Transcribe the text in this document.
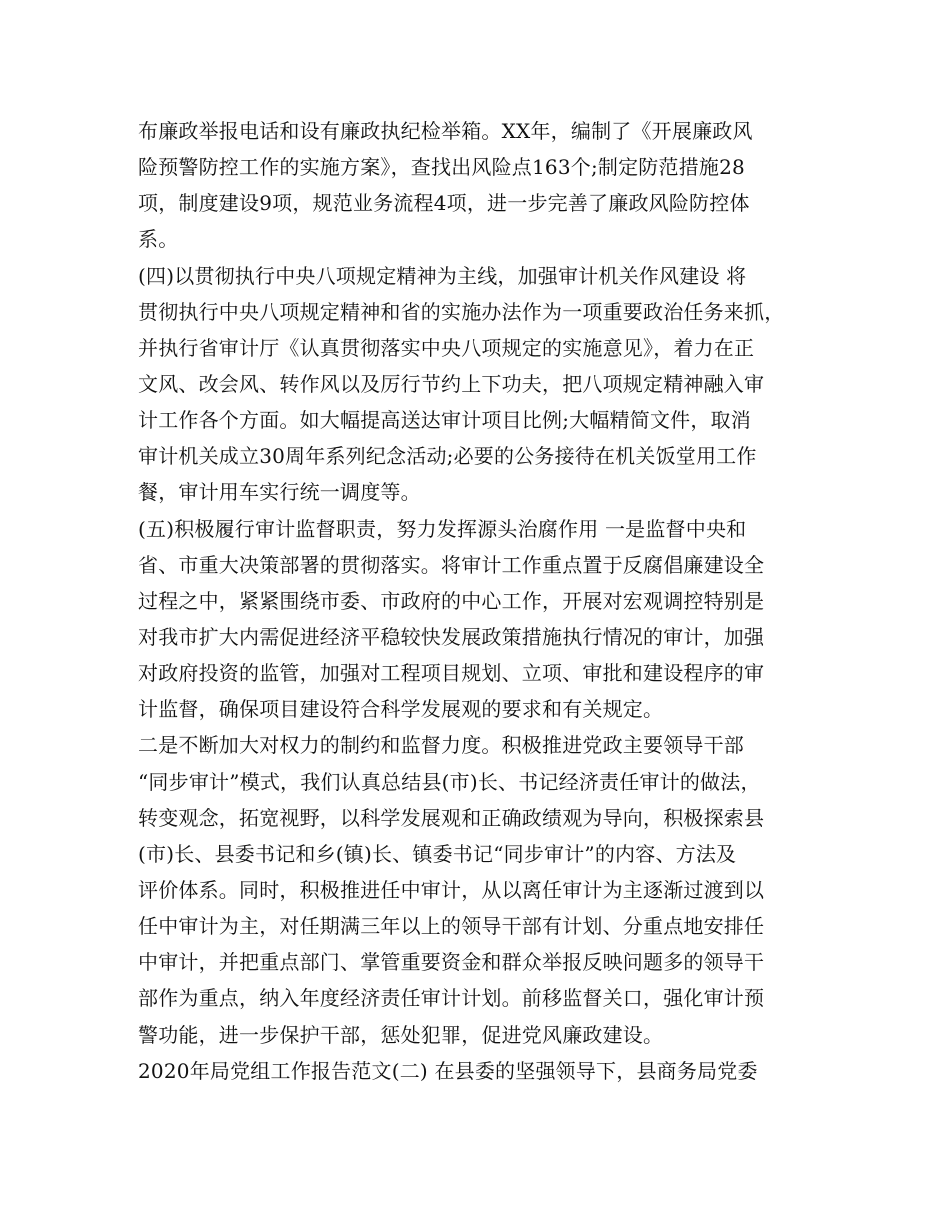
布廉政举报电话和设有廉政执纪检举箱。XX年，编制了《开展廉政风
险预警防控工作的实施方案》，查找出风险点163个;制定防范措施28
项，制度建设9项，规范业务流程4项，进一步完善了廉政风险防控体
系。
(四)以贯彻执行中央八项规定精神为主线，加强审计机关作风建设 将
贯彻执行中央八项规定精神和省的实施办法作为一项重要政治任务来抓，
并执行省审计厅《认真贯彻落实中央八项规定的实施意见》，着力在正
文风、改会风、转作风以及厉行节约上下功夫，把八项规定精神融入审
计工作各个方面。如大幅提高送达审计项目比例;大幅精简文件，取消
审计机关成立30周年系列纪念活动;必要的公务接待在机关饭堂用工作
餐，审计用车实行统一调度等。
(五)积极履行审计监督职责，努力发挥源头治腐作用 一是监督中央和
省、市重大决策部署的贯彻落实。将审计工作重点置于反腐倡廉建设全
过程之中，紧紧围绕市委、市政府的中心工作，开展对宏观调控特别是
对我市扩大内需促进经济平稳较快发展政策措施执行情况的审计，加强
对政府投资的监管，加强对工程项目规划、立项、审批和建设程序的审
计监督，确保项目建设符合科学发展观的要求和有关规定。
二是不断加大对权力的制约和监督力度。积极推进党政主要领导干部
“同步审计”模式，我们认真总结县(市)长、书记经济责任审计的做法，
转变观念，拓宽视野，以科学发展观和正确政绩观为导向，积极探索县
(市)长、县委书记和乡(镇)长、镇委书记“同步审计”的内容、方法及
评价体系。同时，积极推进任中审计，从以离任审计为主逐渐过渡到以
任中审计为主，对任期满三年以上的领导干部有计划、分重点地安排任
中审计，并把重点部门、掌管重要资金和群众举报反映问题多的领导干
部作为重点，纳入年度经济责任审计计划。前移监督关口，强化审计预
警功能，进一步保护干部，惩处犯罪，促进党风廉政建设。
2020年局党组工作报告范文(二) 在县委的坚强领导下，县商务局党委
